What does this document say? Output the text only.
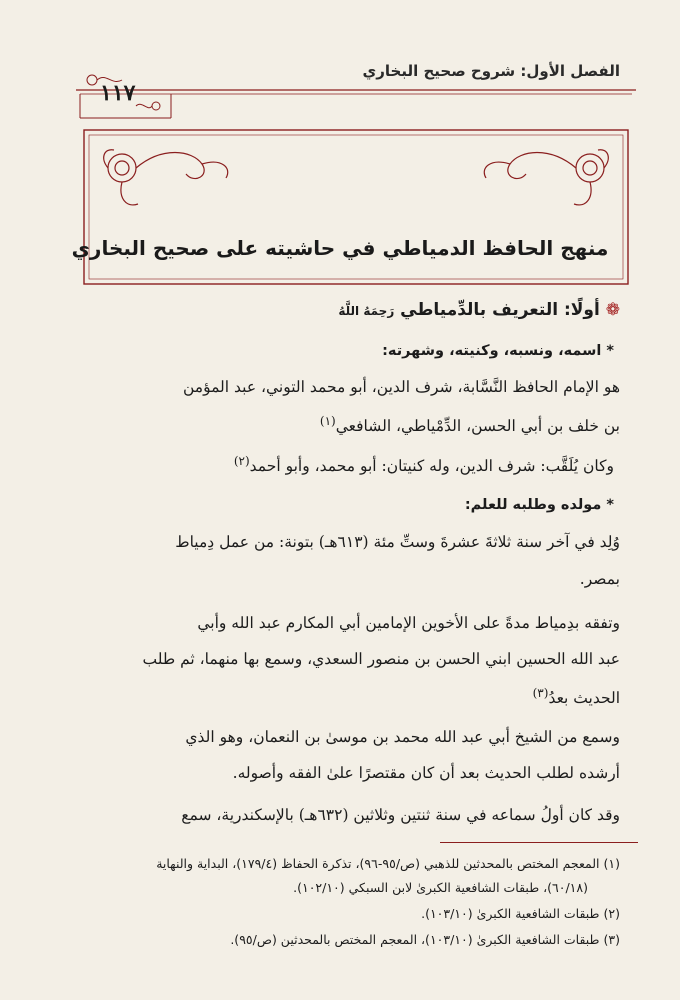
الفصل الأول: شروح صحيح البخاري
١١٧
منهج الحافظ الدمياطي في حاشيته على صحيح البخاري
❁ أولًا: التعريف بالدِّمياطي رَحِمَهُ اللَّهُ
* اسمه، ونسبه، وكنيته، وشهرته:
هو الإمام الحافظ النَّسَّابة، شرف الدين، أبو محمد التوني، عبد المؤمن
بن خلف بن أبي الحسن، الدِّمْياطي، الشافعي$^{(١)}$
وكان يُلَقَّب: شرف الدين، وله كنيتان: أبو محمد، وأبو أحمد$^{(٢)}$
* مولده وطلبه للعلم:
وُلِد في آخر سنة ثلاثةَ عشرةَ وستِّ مئة (٦١٣هـ) بتونة: من عمل دِمياط
بمصر.
وتفقه بدِمياط مدةً على الأخوين الإمامين أبي المكارم عبد الله وأبي
عبد الله الحسين ابني الحسن بن منصور السعدي، وسمع بها منهما، ثم طلب
الحديث بعدُ$^{(٣)}$
وسمع من الشيخ أبي عبد الله محمد بن موسىٰ بن النعمان، وهو الذي
أرشده لطلب الحديث بعد أن كان مقتصرًا علىٰ الفقه وأصوله.
وقد كان أولُ سماعه في سنة ثنتين وثلاثين (٦٣٢هـ) بالإسكندرية، سمع
(١) المعجم المختص بالمحدثين للذهبي (ص/٩٥-٩٦)، تذكرة الحفاظ (١٧٩/٤)، البداية والنهاية
(٦٠/١٨)، طبقات الشافعية الكبرىٰ لابن السبكي (١٠٢/١٠).
(٢) طبقات الشافعية الكبرىٰ (١٠٣/١٠).
(٣) طبقات الشافعية الكبرىٰ (١٠٣/١٠)، المعجم المختص بالمحدثين (ص/٩٥).
